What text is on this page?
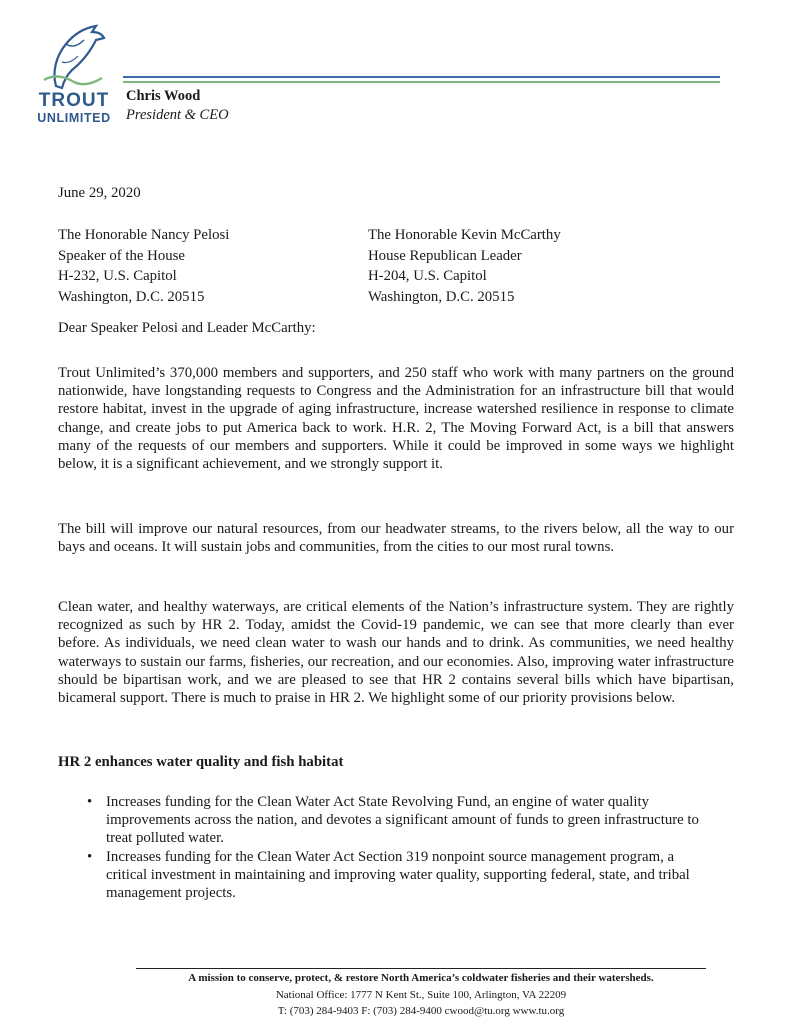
TROUT
UNLIMITED
Chris Wood
President & CEO
June 29, 2020
The Honorable Nancy Pelosi
Speaker of the House
H-232, U.S. Capitol
Washington, D.C. 20515
The Honorable Kevin McCarthy
House Republican Leader
H-204, U.S. Capitol
Washington, D.C. 20515
Dear Speaker Pelosi and Leader McCarthy:
Trout Unlimited’s 370,000 members and supporters, and 250 staff who work with many partners on the ground nationwide, have longstanding requests to Congress and the Administration for an infrastructure bill that would restore habitat, invest in the upgrade of aging infrastructure, increase watershed resilience in response to climate change, and create jobs to put America back to work. H.R. 2, The Moving Forward Act, is a bill that answers many of the requests of our members and supporters. While it could be improved in some ways we highlight below, it is a significant achievement, and we strongly support it.
The bill will improve our natural resources, from our headwater streams, to the rivers below, all the way to our bays and oceans. It will sustain jobs and communities, from the cities to our most rural towns.
Clean water, and healthy waterways, are critical elements of the Nation’s infrastructure system. They are rightly recognized as such by HR 2. Today, amidst the Covid-19 pandemic, we can see that more clearly than ever before. As individuals, we need clean water to wash our hands and to drink. As communities, we need healthy waterways to sustain our farms, fisheries, our recreation, and our economies. Also, improving water infrastructure should be bipartisan work, and we are pleased to see that HR 2 contains several bills which have bipartisan, bicameral support. There is much to praise in HR 2. We highlight some of our priority provisions below.
HR 2 enhances water quality and fish habitat
• Increases funding for the Clean Water Act State Revolving Fund, an engine of water quality improvements across the nation, and devotes a significant amount of funds to green infrastructure to treat polluted water.
• Increases funding for the Clean Water Act Section 319 nonpoint source management program, a critical investment in maintaining and improving water quality, supporting federal, state, and tribal management projects.
A mission to conserve, protect, & restore North America’s coldwater fisheries and their watersheds.
National Office: 1777 N Kent St., Suite 100, Arlington, VA 22209
T: (703) 284-9403 F: (703) 284-9400 cwood@tu.org www.tu.org
